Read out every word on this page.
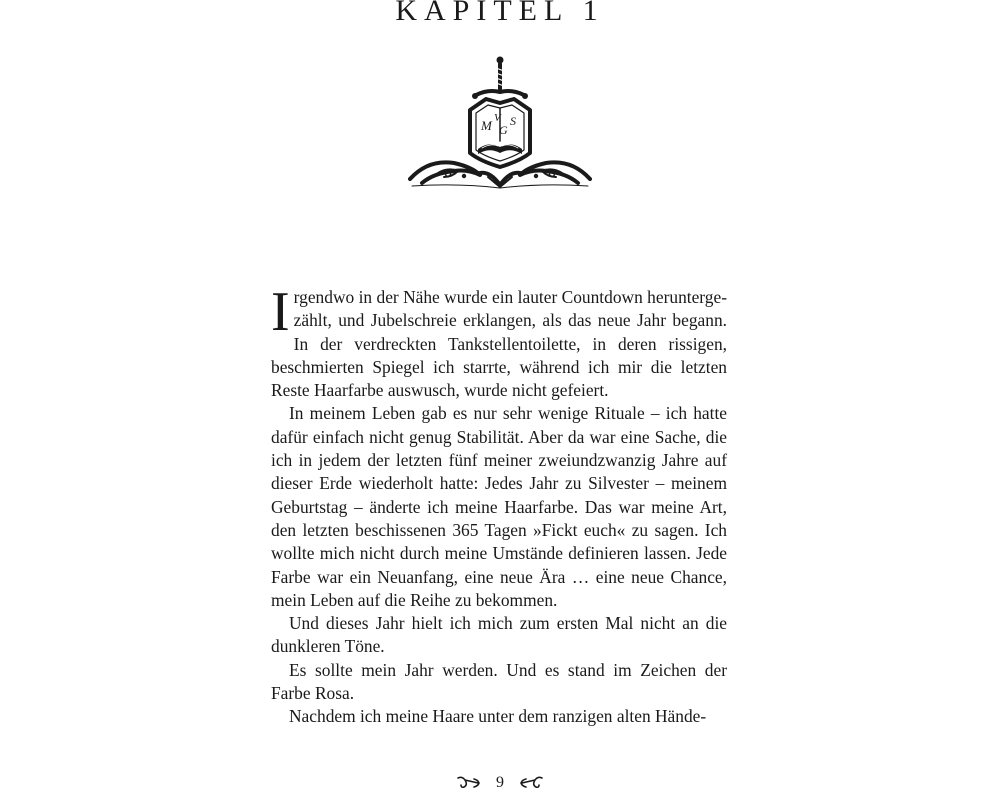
KAPITEL 1
M V
G
S

Irgendwo in der Nähe wurde ein lauter Countdown heruntergezählt, und Jubelschreie erklangen, als das neue Jahr begann. In der verdreckten Tankstellentoilette, in deren rissigen, beschmierten Spiegel ich starrte, während ich mir die letzten Reste Haarfarbe auswusch, wurde nicht gefeiert.

In meinem Leben gab es nur sehr wenige Rituale – ich hatte dafür einfach nicht genug Stabilität. Aber da war eine Sache, die ich in jedem der letzten fünf meiner zweiundzwanzig Jahre auf dieser Erde wiederholt hatte: Jedes Jahr zu Silvester – meinem Geburtstag – änderte ich meine Haarfarbe. Das war meine Art, den letzten beschissenen 365 Tagen »Fickt euch« zu sagen. Ich wollte mich nicht durch meine Umstände definieren lassen. Jede Farbe war ein Neuanfang, eine neue Ära … eine neue Chance, mein Leben auf die Reihe zu bekommen.

Und dieses Jahr hielt ich mich zum ersten Mal nicht an die dunkleren Töne.

Es sollte mein Jahr werden. Und es stand im Zeichen der Farbe Rosa.

Nachdem ich meine Haare unter dem ranzigen alten Hände-

9
